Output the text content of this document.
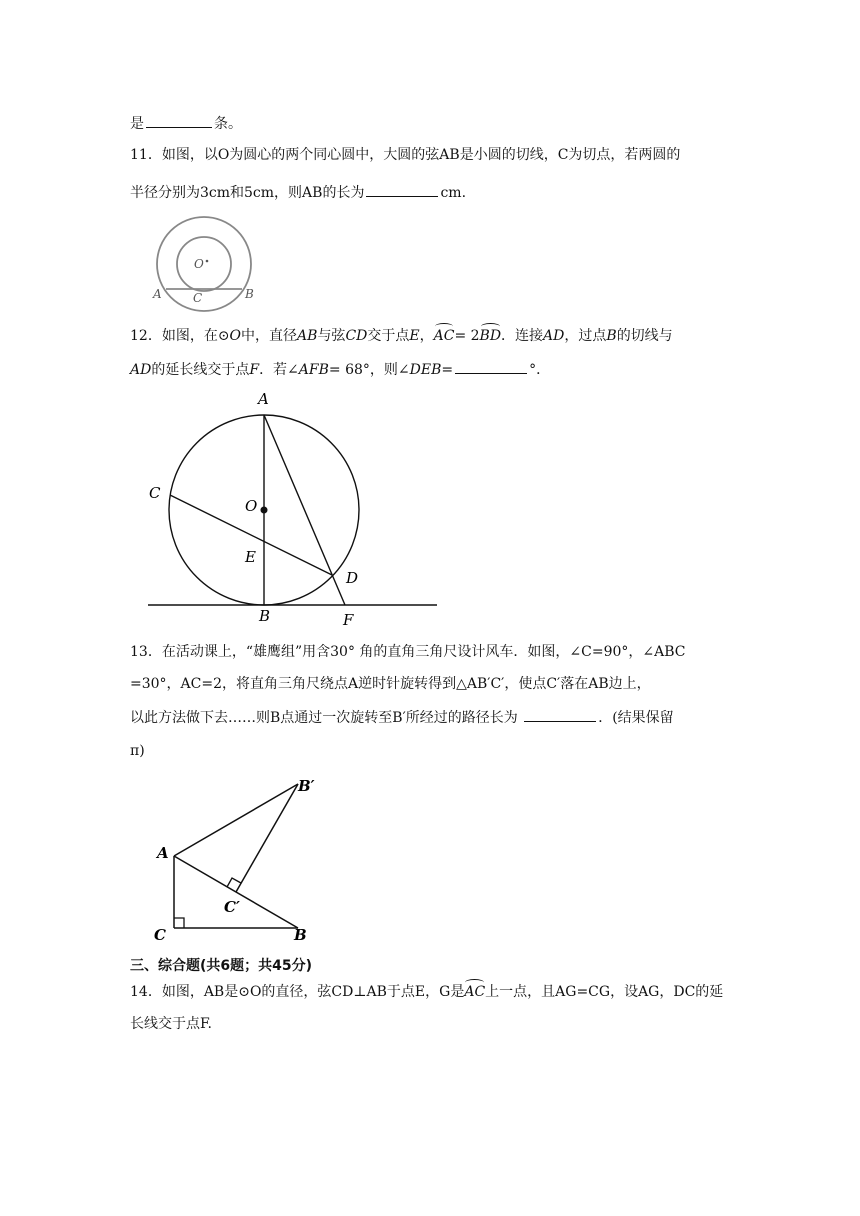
是	条。
11．如图，以O为圆心的两个同心圆中，大圆的弦AB是小圆的切线，C为切点，若两圆的
半径分别为3cm和5cm，则AB的长为	cm.
O
A	C	B
12．如图，在⊙O中，直径AB与弦CD交于点E，AC= 2BD．连接AD，过点B的切线与
AD的延长线交于点F．若∠AFB= 68°，则∠DEB=	°．
A
C
O
E
D
B	F
13．在活动课上，“雄鹰组”用含30° 角的直角三角尺设计风车．如图，∠C=90°，∠ABC
=30°，AC=2，将直角三角尺绕点A逆时针旋转得到△AB′C′，使点C′落在AB边上，
以此方法做下去……则B点通过一次旋转至B′所经过的路径长为	．(结果保留
π)
B′
A
C′
C	B
三、综合题(共6题；共45分)
14．如图，AB是⊙O的直径，弦CD⊥AB于点E，G是AC上一点，且AG=CG，设AG，DC的延
长线交于点F.
